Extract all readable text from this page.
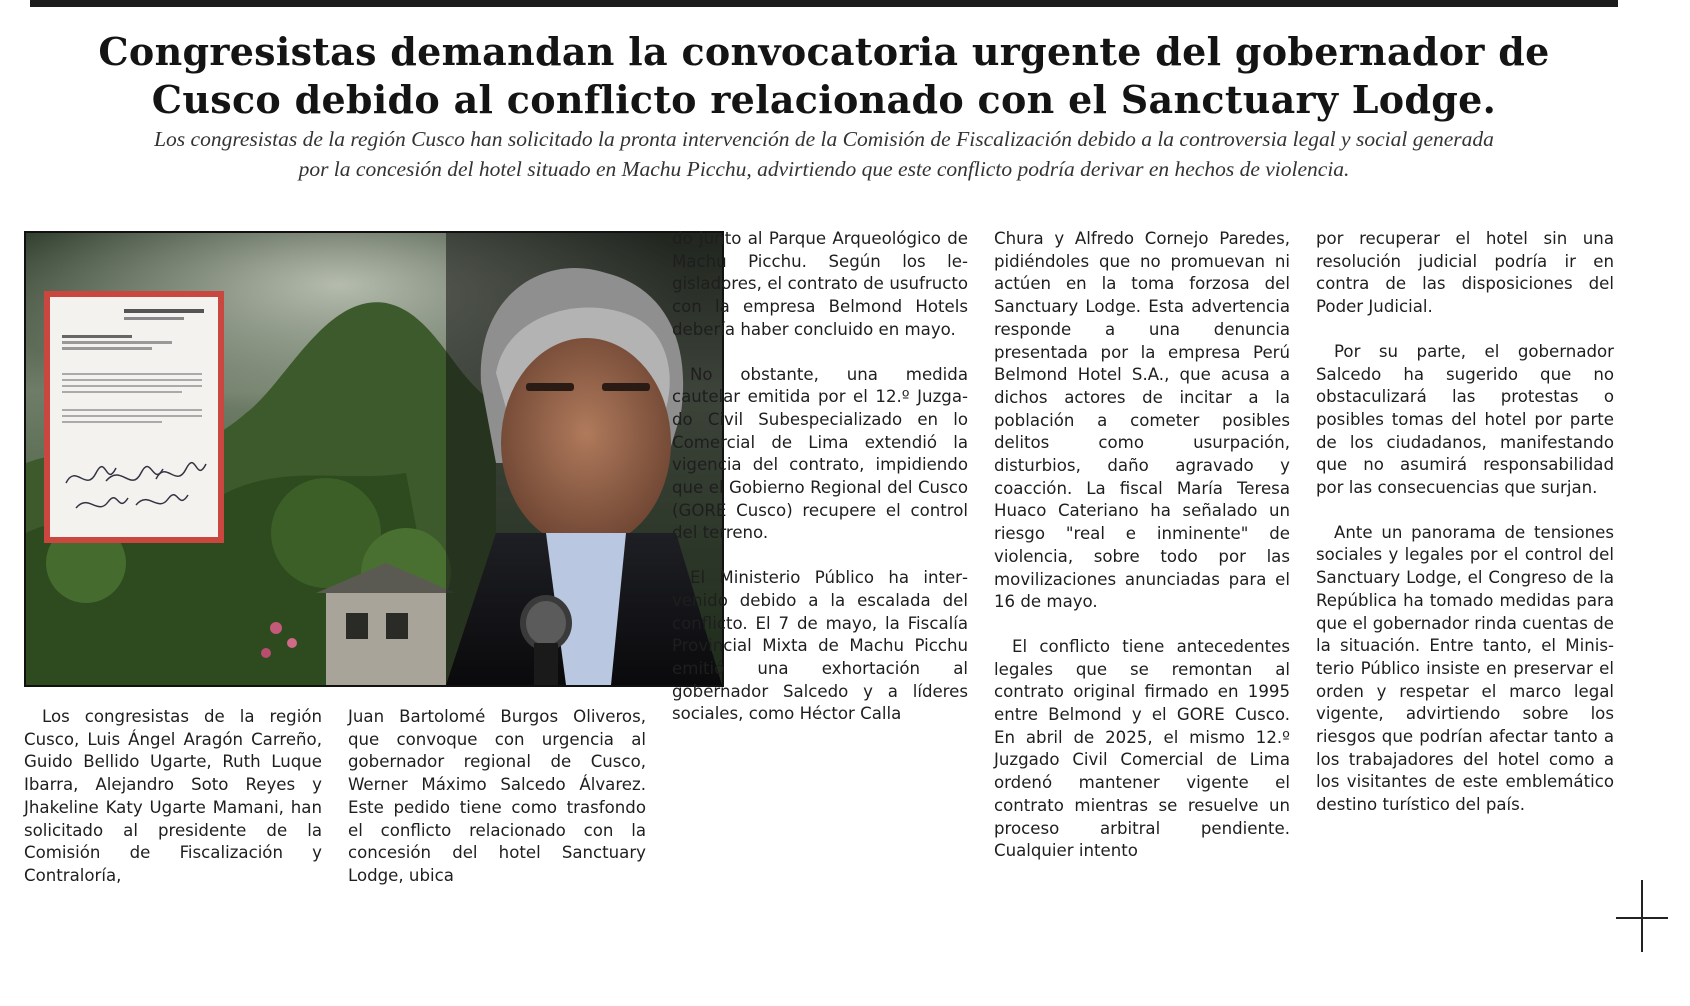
Congresistas demandan la convocatoria urgente del gobernador de
Cusco debido al conflicto relacionado con el Sanctuary Lodge.

Los congresistas de la región Cusco han solicitado la pronta intervención de la Comisión de Fiscalización debido a la controversia legal y social generada
por la concesión del hotel situado en Machu Picchu, advirtiendo que este conflicto podría derivar en hechos de violencia.

Los congresistas de la región Cusco, Luis Ángel Aragón Carreño, Guido Bellido Ugarte, Ruth Luque Ibarra, Alejandro Soto Reyes y Jhakeline Katy Ugarte Mamani, han solicitado al presidente de la Comisión de Fiscalización y Contraloría,

Juan Bartolomé Burgos Oliveros, que convoque con urgencia al gobernador regional de Cusco, Werner Máximo Salcedo Álvarez. Este pedido tiene como trasfondo el conflicto relacionado con la concesión del hotel Sanctuary Lodge, ubica

do junto al Parque Arqueológico de Machu Picchu. Según los legisladores, el contrato de usufructo con la empresa Belmond Hotels debería haber concluido en mayo.

No obstante, una medida cautelar emitida por el 12.º Juzgado Civil Subespecializado en lo Comercial de Lima extendió la vigencia del contrato, impidiendo que el Gobierno Regional del Cusco (GORE Cusco) recupere el control del terreno.

El Ministerio Público ha intervenido debido a la escalada del conflicto. El 7 de mayo, la Fiscalía Provincial Mixta de Machu Picchu emitió una exhortación al gobernador Salcedo y a líderes sociales, como Héctor Calla

Chura y Alfredo Cornejo Paredes, pidiéndoles que no promuevan ni actúen en la toma forzosa del Sanctuary Lodge. Esta advertencia responde a una denuncia presentada por la empresa Perú Belmond Hotel S.A., que acusa a dichos actores de incitar a la población a cometer posibles delitos como usurpación, disturbios, daño agravado y coacción. La fiscal María Teresa Huaco Cateriano ha señalado un riesgo "real e inminente" de violencia, sobre todo por las movilizaciones anunciadas para el 16 de mayo.

El conflicto tiene antecedentes legales que se remontan al contrato original firmado en 1995 entre Belmond y el GORE Cusco. En abril de 2025, el mismo 12.º Juzgado Civil Comercial de Lima ordenó mantener vigente el contrato mientras se resuelve un proceso arbitral pendiente. Cualquier intento

por recuperar el hotel sin una resolución judicial podría ir en contra de las disposiciones del Poder Judicial.

Por su parte, el gobernador Salcedo ha sugerido que no obstaculizará las protestas o posibles tomas del hotel por parte de los ciudadanos, manifestando que no asumirá responsabilidad por las consecuencias que surjan.

Ante un panorama de tensiones sociales y legales por el control del Sanctuary Lodge, el Congreso de la República ha tomado medidas para que el gobernador rinda cuentas de la situación. Entre tanto, el Ministerio Público insiste en preservar el orden y respetar el marco legal vigente, advirtiendo sobre los riesgos que podrían afectar tanto a los trabajadores del hotel como a los visitantes de este emblemático destino turístico del país.
